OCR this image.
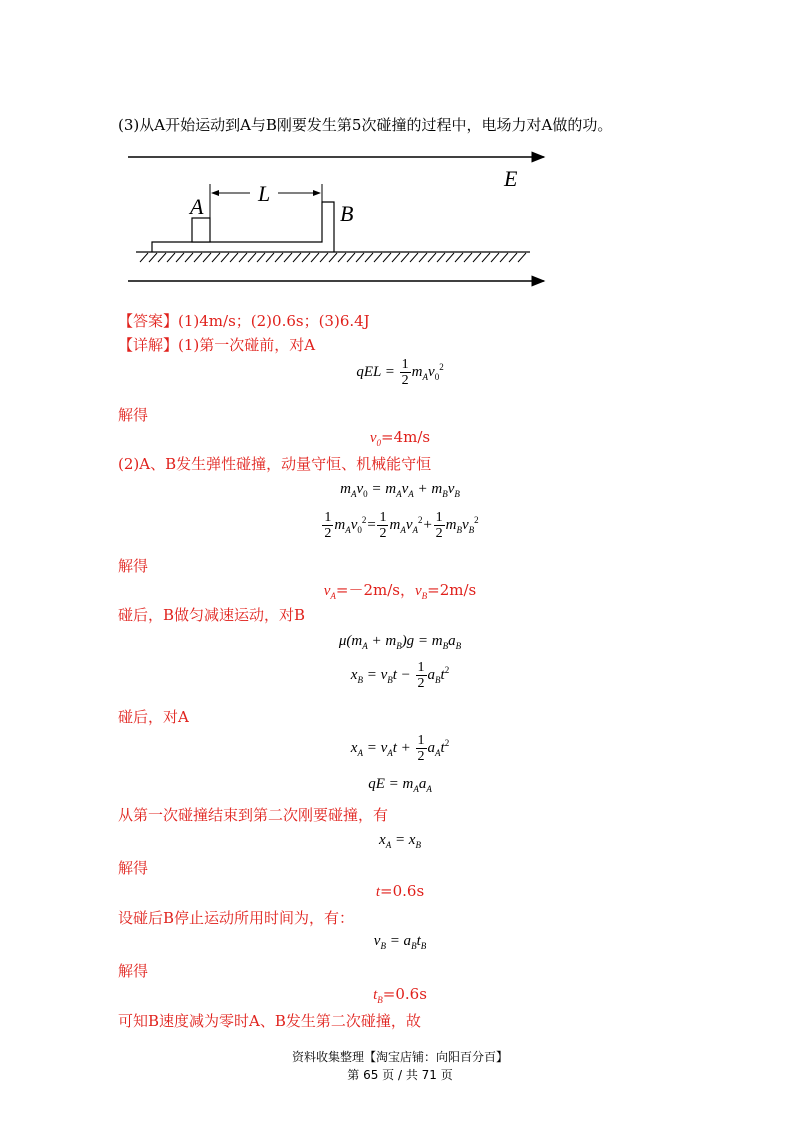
(3)从A开始运动到A与B刚要发生第5次碰撞的过程中，电场力对A做的功。
E
A	B
L
【答案】(1)4m/s；(2)0.6s；(3)6.4J
【详解】(1)第一次碰前，对A
qEL = $\frac{1}{2} m_Av_0^2$
解得
$v_0=4m/s$
(2)A、B发生弹性碰撞，动量守恒、机械能守恒
$m_Av_0 = m_Av_A + m_Bv_B$
$\frac{1}{2} m_Av_0^2= \frac{1}{2} m_Av_A^2+ \frac{1}{2} m_Bv_B^2$
解得
$v_A=-2m/s$，$v_B=2m/s$
碰后，B做匀减速运动，对B
$\mu(m_A + m_B)g = m_Ba_B$
$x_B = v_Bt - \frac{1}{2} a_Bt^2$
碰后，对A
$x_A = v_At + \frac{1}{2} a_At^2$
qE = $m_Aa_A$
从第一次碰撞结束到第二次刚要碰撞，有
$x_A = x_B$
解得
t=0.6s
设碰后B停止运动所用时间为，有：
$v_B = a_Bt_B$
解得
$t_B=0.6s$
可知B速度减为零时A、B发生第二次碰撞，故
资料收集整理【淘宝店铺：向阳百分百】
第 65 页 / 共 71 页
